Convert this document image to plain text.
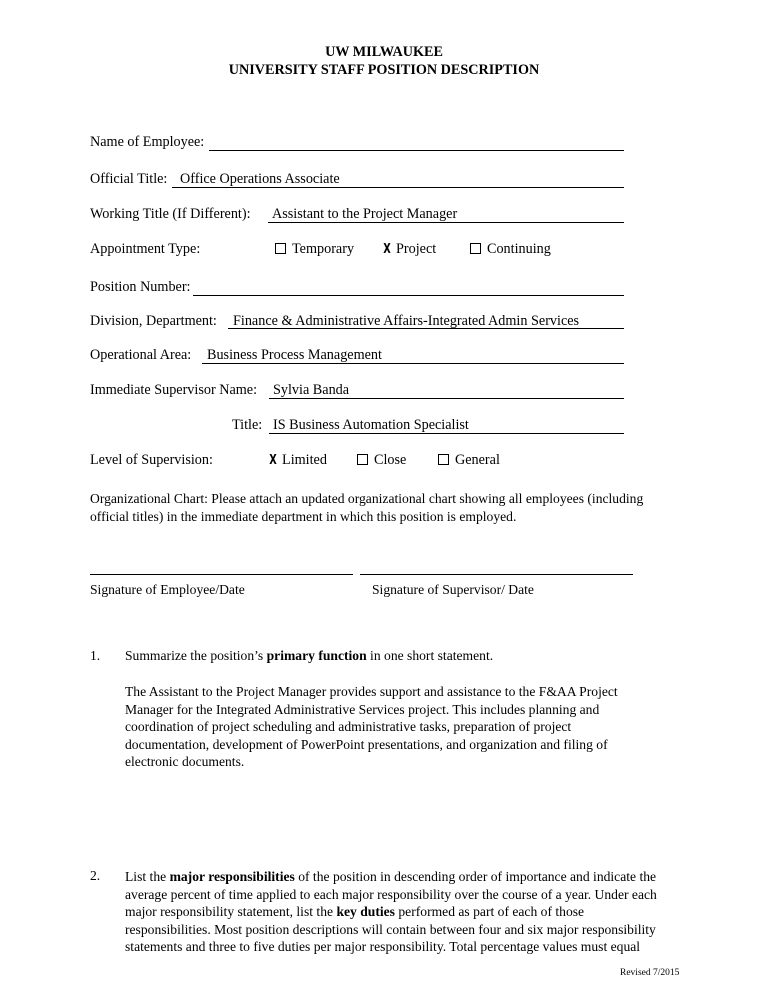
UW MILWAUKEE
UNIVERSITY STAFF POSITION DESCRIPTION
Name of Employee:
Official Title: Office Operations Associate
Working Title (If Different): Assistant to the Project Manager
Appointment Type:	Temporary X Project	Continuing
Position Number:
Division, Department: Finance & Administrative Affairs-Integrated Admin Services
Operational Area: Business Process Management
Immediate Supervisor Name: Sylvia Banda
Title: IS Business Automation Specialist
Level of Supervision:	X Limited	Close	General
Organizational Chart: Please attach an updated organizational chart showing all employees (including official titles) in the immediate department in which this position is employed.
Signature of Employee/Date	Signature of Supervisor/ Date
1. Summarize the position’s primary function in one short statement.
The Assistant to the Project Manager provides support and assistance to the F&AA Project Manager for the Integrated Administrative Services project. This includes planning and coordination of project scheduling and administrative tasks, preparation of project documentation, development of PowerPoint presentations, and organization and filing of electronic documents.
2. List the major responsibilities of the position in descending order of importance and indicate the average percent of time applied to each major responsibility over the course of a year. Under each major responsibility statement, list the key duties performed as part of each of those responsibilities. Most position descriptions will contain between four and six major responsibility statements and three to five duties per major responsibility. Total percentage values must equal
Revised 7/2015
